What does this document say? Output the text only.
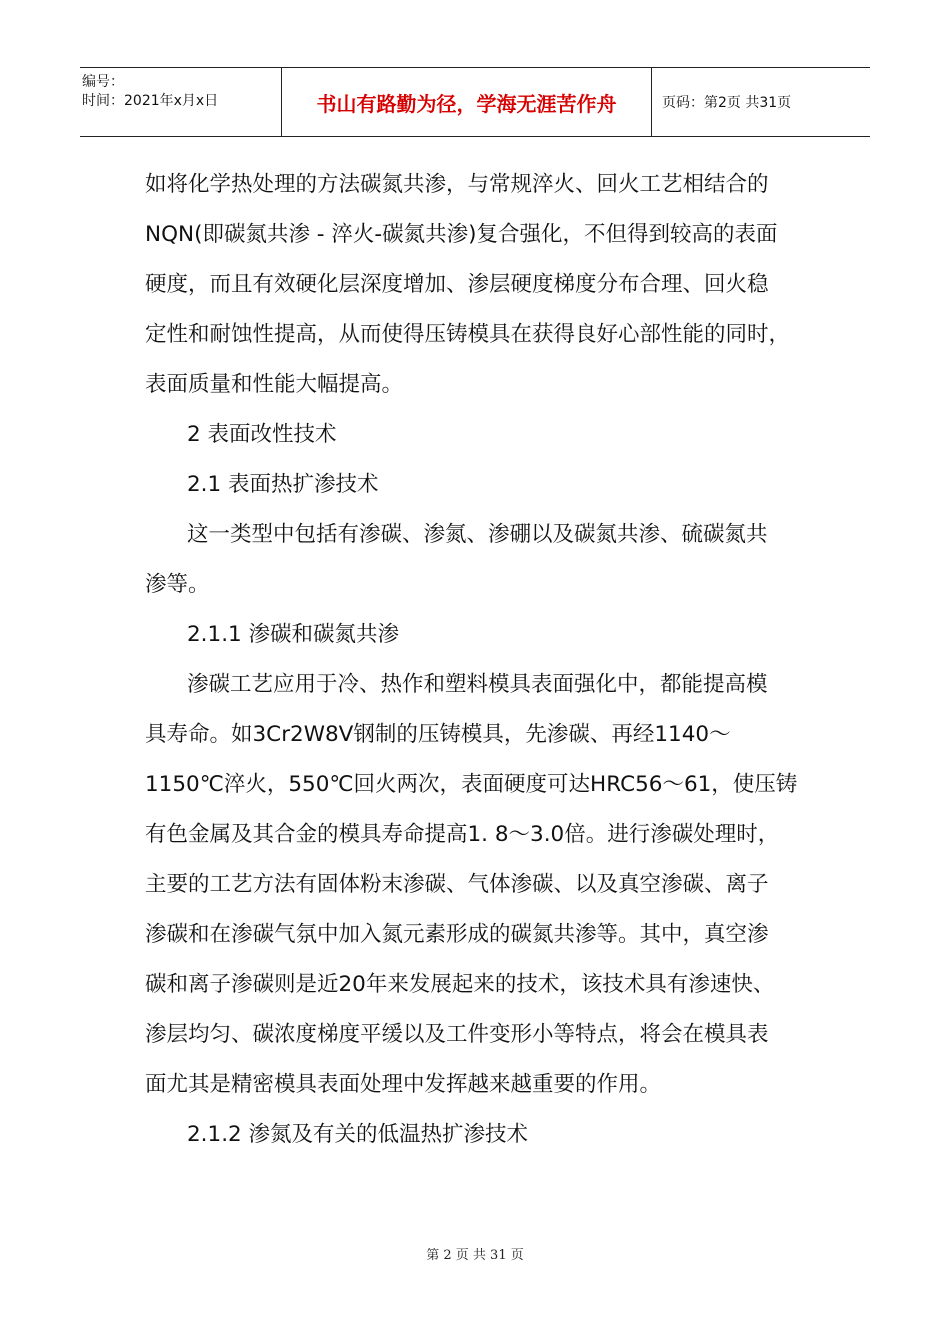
编号：
时间：2021年x月x日	书山有路勤为径，学海无涯苦作舟	页码：第2页 共31页

如将化学热处理的方法碳氮共渗，与常规淬火、回火工艺相结合的

NQN(即碳氮共渗 - 淬火-碳氮共渗)复合强化，不但得到较高的表面

硬度，而且有效硬化层深度增加、渗层硬度梯度分布合理、回火稳

定性和耐蚀性提高，从而使得压铸模具在获得良好心部性能的同时，

表面质量和性能大幅提高。

2 表面改性技术

2.1 表面热扩渗技术

这一类型中包括有渗碳、渗氮、渗硼以及碳氮共渗、硫碳氮共

渗等。

2.1.1 渗碳和碳氮共渗

渗碳工艺应用于冷、热作和塑料模具表面强化中，都能提高模

具寿命。如3Cr2W8V钢制的压铸模具，先渗碳、再经1140～

1150℃淬火，550℃回火两次，表面硬度可达HRC56～61，使压铸

有色金属及其合金的模具寿命提高1. 8～3.0倍。进行渗碳处理时，

主要的工艺方法有固体粉末渗碳、气体渗碳、以及真空渗碳、离子

渗碳和在渗碳气氛中加入氮元素形成的碳氮共渗等。其中，真空渗

碳和离子渗碳则是近20年来发展起来的技术，该技术具有渗速快、

渗层均匀、碳浓度梯度平缓以及工件变形小等特点，将会在模具表

面尤其是精密模具表面处理中发挥越来越重要的作用。

2.1.2 渗氮及有关的低温热扩渗技术

第 2 页 共 31 页
